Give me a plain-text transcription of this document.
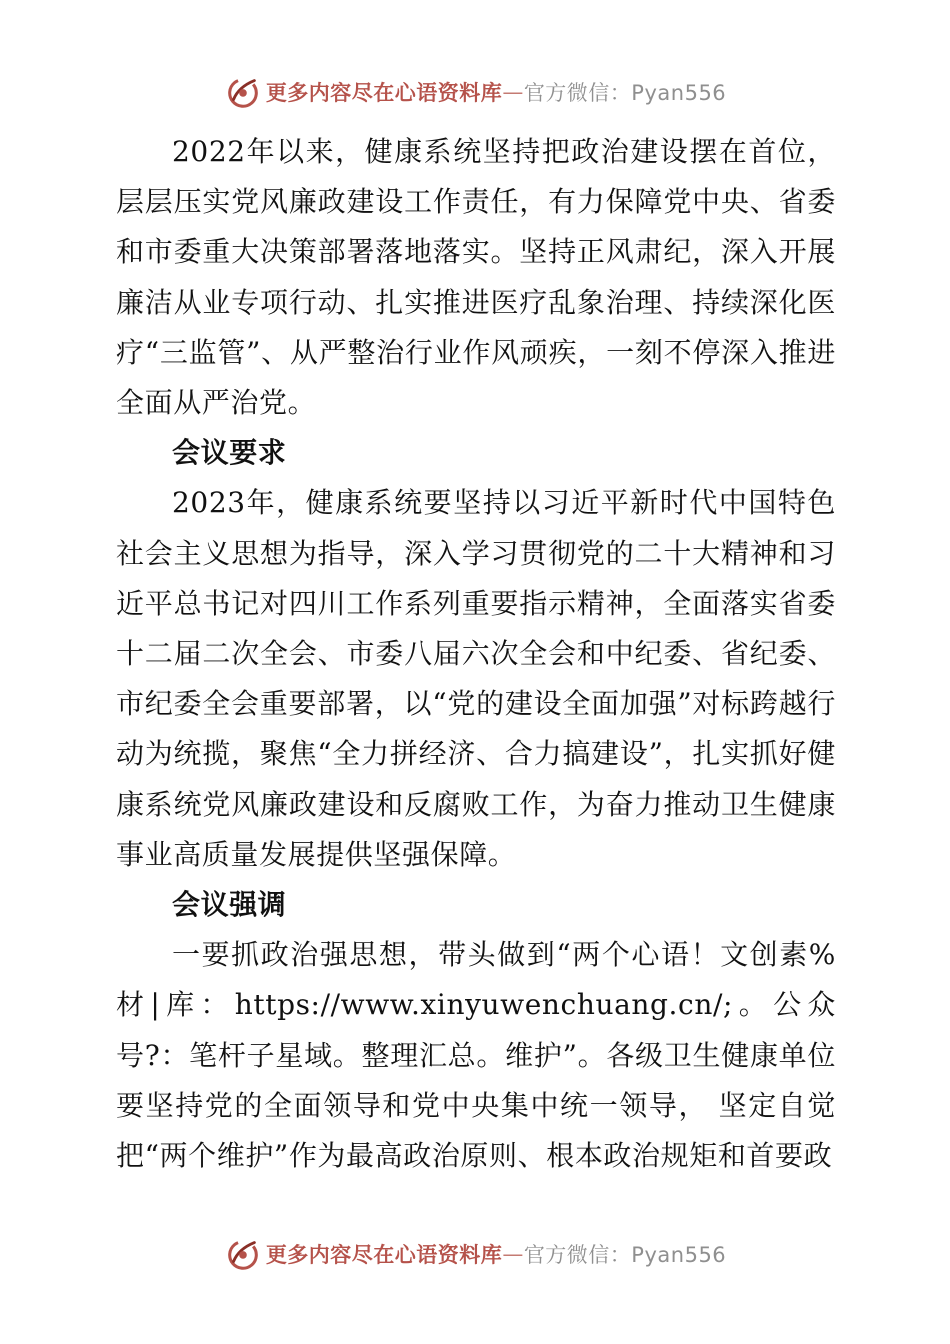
更多内容尽在心语资料库 — 官方微信：Pyan556

2022年以来，健康系统坚持把政治建设摆在首位，层层压实党风廉政建设工作责任，有力保障党中央、省委和市委重大决策部署落地落实。坚持正风肃纪，深入开展廉洁从业专项行动、扎实推进医疗乱象治理、持续深化医疗“三监管”、从严整治行业作风顽疾，一刻不停深入推进全面从严治党。

会议要求

2023年，健康系统要坚持以习近平新时代中国特色社会主义思想为指导，深入学习贯彻党的二十大精神和习近平总书记对四川工作系列重要指示精神，全面落实省委十二届二次全会、市委八届六次全会和中纪委、省纪委、市纪委全会重要部署，以“党的建设全面加强”对标跨越行动为统揽，聚焦“全力拼经济、合力搞建设”，扎实抓好健康系统党风廉政建设和反腐败工作，为奋力推动卫生健康事业高质量发展提供坚强保障。

会议强调

一要抓政治强思想，带头做到“两个心语！文创素%材|库：https://www.xinyuwenchuang.cn/;。公众号?：笔杆子星域。整理汇总。维护”。各级卫生健康单位要坚持党的全面领导和党中央集中统一领导， 坚定自觉把“两个维护”作为最高政治原则、根本政治规矩和首要政

更多内容尽在心语资料库 — 官方微信：Pyan556
